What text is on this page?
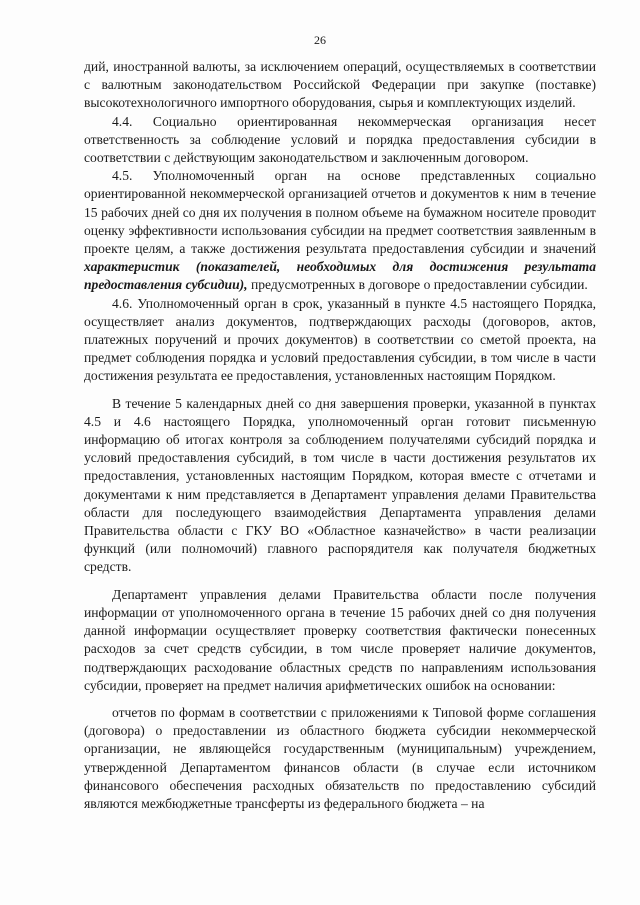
26

дий, иностранной валюты, за исключением операций, осуществляемых в соответствии с валютным законодательством Российской Федерации при закупке (поставке) высокотехнологичного импортного оборудования, сырья и комплектующих изделий.

4.4. Социально ориентированная некоммерческая организация несет ответственность за соблюдение условий и порядка предоставления субсидии в соответствии с действующим законодательством и заключенным договором.

4.5. Уполномоченный орган на основе представленных социально ориентированной некоммерческой организацией отчетов и документов к ним в течение 15 рабочих дней со дня их получения в полном объеме на бумажном носителе проводит оценку эффективности использования субсидии на предмет соответствия заявленным в проекте целям, а также достижения результата предоставления субсидии и значений характеристик (показателей, необходимых для достижения результата предоставления субсидии), предусмотренных в договоре о предоставлении субсидии.

4.6. Уполномоченный орган в срок, указанный в пункте 4.5 настоящего Порядка, осуществляет анализ документов, подтверждающих расходы (договоров, актов, платежных поручений и прочих документов) в соответствии со сметой проекта, на предмет соблюдения порядка и условий предоставления субсидии, в том числе в части достижения результата ее предоставления, установленных настоящим Порядком.

В течение 5 календарных дней со дня завершения проверки, указанной в пунктах 4.5 и 4.6 настоящего Порядка, уполномоченный орган готовит письменную информацию об итогах контроля за соблюдением получателями субсидий порядка и условий предоставления субсидий, в том числе в части достижения результатов их предоставления, установленных настоящим Порядком, которая вместе с отчетами и документами к ним представляется в Департамент управления делами Правительства области для последующего взаимодействия Департамента управления делами Правительства области с ГКУ ВО «Областное казначейство» в части реализации функций (или полномочий) главного распорядителя как получателя бюджетных средств.

Департамент управления делами Правительства области после получения информации от уполномоченного органа в течение 15 рабочих дней со дня получения данной информации осуществляет проверку соответствия фактически понесенных расходов за счет средств субсидии, в том числе проверяет наличие документов, подтверждающих расходование областных средств по направлениям использования субсидии, проверяет на предмет наличия арифметических ошибок на основании:

отчетов по формам в соответствии с приложениями к Типовой форме соглашения (договора) о предоставлении из областного бюджета субсидии некоммерческой организации, не являющейся государственным (муниципальным) учреждением, утвержденной Департаментом финансов области (в случае если источником финансового обеспечения расходных обязательств по предоставлению субсидий являются межбюджетные трансферты из федерального бюджета – на
